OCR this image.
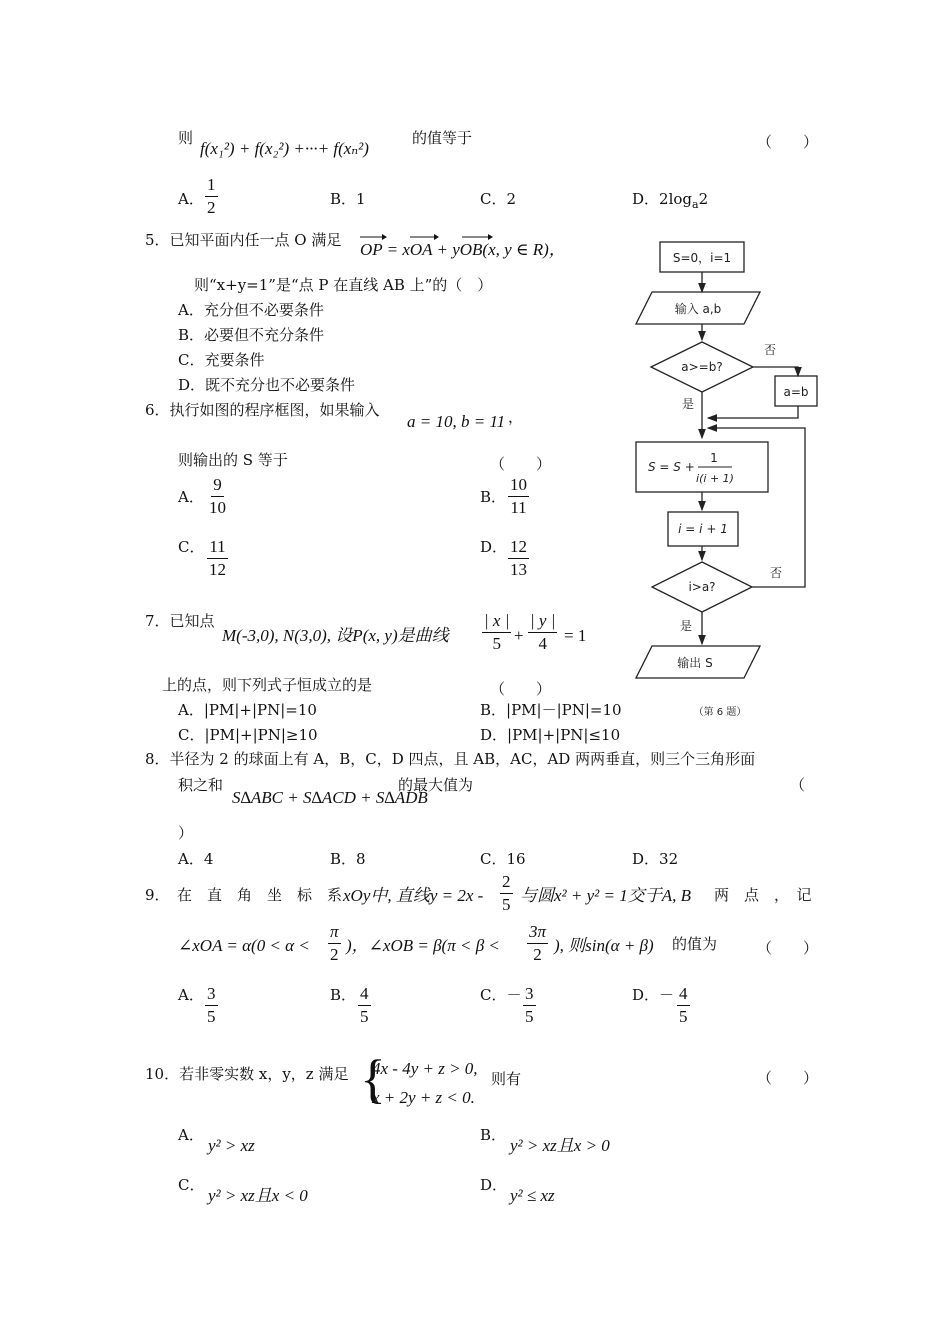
则
f(x₁²) + f(x₂²) +···+ f(xₙ²)
的值等于	（　）
A． $\frac{1}{2}$	B．1	C．2	D．$2\log_a2$
5．已知平面内任一点 O 满足 OP = xOA + yOB(x, y ∈ R)，
则“x+y=1”是“点 P 在直线 AB 上”的（　）
A．充分但不必要条件
B．必要但不充分条件
C．充要条件
D．既不充分也不必要条件
6．执行如图的程序框图，如果输入
a = 10, b = 11 ，
则输出的 S 等于	（　）
A． $\frac{9}{10}$	B． $\frac{10}{11}$
C． $\frac{11}{12}$	D． $\frac{12}{13}$
S=0，i=1
输入 a,b
a>=b?
否
a=b
是
S = S +
1
i(i + 1)
i = i + 1
i>a?
否
是
输出 S
（第 6 题）
7．已知点
M(-3,0), N(3,0), 设P(x, y)是曲线 $\frac{| x |}{5} + \frac{| y |}{4} = 1$
上的点，则下列式子恒成立的是	（　）
A．|PM|+|PN|=10	B．|PM|－|PN|=10
C．|PM|+|PN|≥10	D．|PM|+|PN|≤10
8．半径为 2 的球面上有 A，B，C，D 四点，且 AB，AC，AD 两两垂直，则三个三角形面
积之和
S∆ABC + S∆ACD + S∆ADB
的最大值为	（
）
A．4	B．8	C．16	D．32
9．　在　直　角　坐　标　系 xOy中, 直线$y = 2x - \frac{2}{5}$ 与圆x² + y² = 1交于A, B 两　点　，　记
∠xOA = $\alpha(0 < \alpha < \frac{\pi}{2}$ )，∠xOB = $\beta(\pi < \beta < \frac{3\pi}{2}$ ), 则sin(α + β) 的值为	（　）
A． $\frac{3}{5}$	B． $\frac{4}{5}$	C．－ $\frac{3}{5}$	D．－ $\frac{4}{5}$
10．若非零实数 x，y，z 满足 {
4x - 4y + z > 0,
x + 2y + z < 0.
则有	（　）
A．
y² > xz
B．
y² > xz且x > 0
C．
y² > xz且x < 0
D．
y² ≤ xz
